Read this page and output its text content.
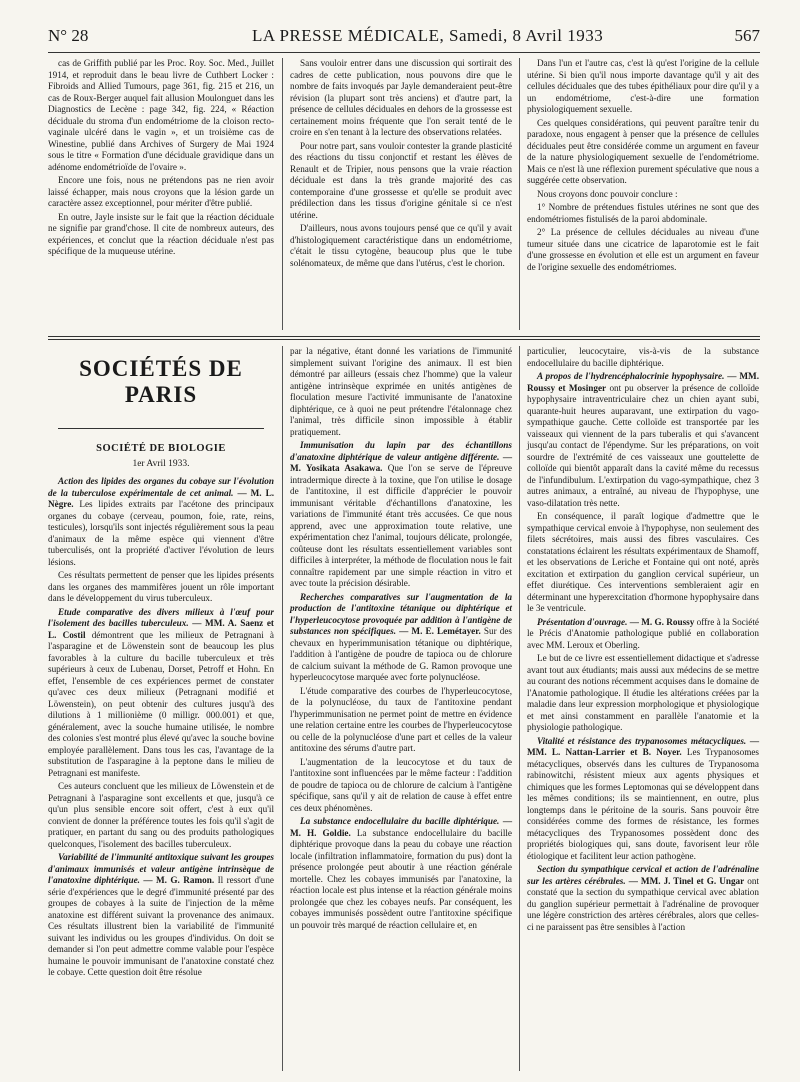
N° 28	LA PRESSE MÉDICALE, Samedi, 8 Avril 1933	567

cas de Griffith publié par les Proc. Roy. Soc. Med., Juillet 1914, et reproduit dans le beau livre de Cuthbert Locker : Fibroids and Allied Tumours, page 361, fig. 215 et 216, un cas de Roux-Berger auquel fait allusion Moulonguet dans les Diagnostics de Lecène : page 342, fig. 224, « Réaction déciduale du stroma d'un endométriome de la cloison recto-vaginale ulcéré dans le vagin », et un troisième cas de Winestine, publié dans Archives of Surgery de Mai 1924 sous le titre « Formation d'une déciduale gravidique dans un adénome endométrioïde de l'ovaire ».

Encore une fois, nous ne prétendons pas ne rien avoir laissé échapper, mais nous croyons que la lésion garde un caractère assez exceptionnel, pour mériter d'être publié.

En outre, Jayle insiste sur le fait que la réaction déciduale ne signifie par grand'chose. Il cite de nombreux auteurs, des expériences, et conclut que la réaction déciduale n'est pas spécifique de la muqueuse utérine.

Sans vouloir entrer dans une discussion qui sortirait des cadres de cette publication, nous pouvons dire que le nombre de faits invoqués par Jayle demanderaient peut-être révision (la plupart sont très anciens) et d'autre part, la présence de cellules déciduales en dehors de la grossesse est certainement moins fréquente que l'on serait tenté de le croire en s'en tenant à la lecture des observations relatées.

Pour notre part, sans vouloir contester la grande plasticité des réactions du tissu conjonctif et restant les élèves de Renault et de Tripier, nous pensons que la vraie réaction déciduale est dans la très grande majorité des cas contemporaine d'une grossesse et qu'elle se produit avec prédilection dans les tissus d'origine génitale si ce n'est utérine.

D'ailleurs, nous avons toujours pensé que ce qu'il y avait d'histologiquement caractéristique dans un endométriome, c'était le tissu cytogène, beaucoup plus que le tube solénomateux, de même que dans l'utérus, c'est le chorion.

Dans l'un et l'autre cas, c'est là qu'est l'origine de la cellule utérine. Si bien qu'il nous importe davantage qu'il y ait des cellules déciduales que des tubes épithéliaux pour dire qu'il y a un endométriome, c'est-à-dire une formation physiologiquement sexuelle.

Ces quelques considérations, qui peuvent paraître tenir du paradoxe, nous engagent à penser que la présence de cellules déciduales peut être considérée comme un argument en faveur de la nature physiologiquement sexuelle de l'endométriome. Mais ce n'est là une réflexion purement spéculative que nous a suggérée cette observation.

Nous croyons donc pouvoir conclure :

1° Nombre de prétendues fistules utérines ne sont que des endométriomes fistulisés de la paroi abdominale.

2° La présence de cellules déciduales au niveau d'une tumeur située dans une cicatrice de laparotomie est le fait d'une grossesse en évolution et elle est un argument en faveur de l'origine sexuelle des endométriomes.

SOCIÉTÉS DE PARIS
SOCIÉTÉ DE BIOLOGIE
1er Avril 1933.

Action des lipides des organes du cobaye sur l'évolution de la tuberculose expérimentale de cet animal. — M. L. Nègre. Les lipides extraits par l'acétone des principaux organes du cobaye (cerveau, poumon, foie, rate, reins, testicules), lorsqu'ils sont injectés régulièrement sous la peau d'animaux de la même espèce qui viennent d'être tuberculisés, ont la propriété d'activer l'évolution de leurs lésions.

Ces résultats permettent de penser que les lipides présents dans les organes des mammifères jouent un rôle important dans le développement du virus tuberculeux.

Etude comparative des divers milieux à l'œuf pour l'isolement des bacilles tuberculeux. — MM. A. Saenz et L. Costil démontrent que les milieux de Petragnani à l'asparagine et de Löwenstein sont de beaucoup les plus favorables à la culture du bacille tuberculeux et très supérieurs à ceux de Lubenau, Dorset, Petroff et Hohn. En effet, l'ensemble de ces expériences permet de constater qu'avec ces deux milieux (Petragnani modifié et Löwenstein), on peut obtenir des cultures jusqu'à des dilutions à 1 millionième (0 milligr. 000.001) et que, généralement, avec la souche humaine utilisée, le nombre des colonies s'est montré plus élevé qu'avec la souche bovine employée parallèlement. Dans tous les cas, l'avantage de la substitution de l'asparagine à la peptone dans le milieu de Petragnani est manifeste.

Ces auteurs concluent que les milieux de Löwenstein et de Petragnani à l'asparagine sont excellents et que, jusqu'à ce qu'un plus sensible encore soit offert, c'est à eux qu'il convient de donner la préférence toutes les fois qu'il s'agit de pratiquer, en partant du sang ou des produits pathologiques quelconques, l'isolement des bacilles tuberculeux.

Variabilité de l'immunité antitoxique suivant les groupes d'animaux immunisés et valeur antigène intrinsèque de l'anatoxine diphtérique. — M. G. Ramon. Il ressort d'une série d'expériences que le degré d'immunité présenté par des groupes de cobayes à la suite de l'injection de la même anatoxine est différent suivant la provenance des animaux. Ces résultats illustrent bien la variabilité de l'immunité suivant les individus ou les groupes d'individus. On doit se demander si l'on peut admettre comme valable pour l'espèce humaine le pouvoir immunisant de l'anatoxine constaté chez le cobaye. Cette question doit être résolue

par la négative, étant donné les variations de l'immunité simplement suivant l'origine des animaux. Il est bien démontré par ailleurs (essais chez l'homme) que la valeur antigène intrinsèque exprimée en unités antigènes de floculation mesure l'activité immunisante de l'anatoxine diphtérique, ce à quoi ne peut prétendre l'étalonnage chez l'animal, très difficile sinon impossible à établir pratiquement.

Immunisation du lapin par des échantillons d'anatoxine diphtérique de valeur antigène différente. — M. Yosikata Asakawa. Que l'on se serve de l'épreuve intradermique directe à la toxine, que l'on utilise le dosage de l'antitoxine, il est difficile d'apprécier le pouvoir immunisant véritable d'échantillons d'anatoxine, les variations de l'immunité étant très accusées. Ce que nous apprend, avec une approximation toute relative, une expérimentation chez l'animal, toujours délicate, prolongée, coûteuse dont les résultats essentiellement variables sont difficiles à interpréter, la méthode de floculation nous le fait connaître rapidement par une simple réaction in vitro et avec toute la précision désirable.

Recherches comparatives sur l'augmentation de la production de l'antitoxine tétanique ou diphtérique et l'hyperleucocytose provoquée par addition à l'antigène de substances non spécifiques. — M. E. Lemétayer. Sur des chevaux en hyperimmunisation tétanique ou diphtérique, l'addition à l'antigène de poudre de tapioca ou de chlorure de calcium suivant la méthode de G. Ramon provoque une hyperleucocytose marquée avec forte polynucléose.

L'étude comparative des courbes de l'hyperleucocytose, de la polynucléose, du taux de l'antitoxine pendant l'hyperimmunisation ne permet point de mettre en évidence une relation certaine entre les courbes de l'hyperleucocytose ou celle de la polynucléose d'une part et celles de la valeur antitoxine des sérums d'autre part.

L'augmentation de la leucocytose et du taux de l'antitoxine sont influencées par le même facteur : l'addition de poudre de tapioca ou de chlorure de calcium à l'antigène spécifique, sans qu'il y ait de relation de cause à effet entre ces deux phénomènes.

La substance endocellulaire du bacille diphtérique. — M. H. Goldie. La substance endocellulaire du bacille diphtérique provoque dans la peau du cobaye une réaction locale (infiltration inflammatoire, formation du pus) dont la présence prolongée peut aboutir à une réaction générale mortelle. Chez les cobayes immunisés par l'anatoxine, la réaction locale est plus intense et la réaction générale moins prolongée que chez les cobayes neufs. Par conséquent, les cobayes immunisés possèdent outre l'antitoxine spécifique un pouvoir très marqué de réaction cellulaire et, en

particulier, leucocytaire, vis-à-vis de la substance endocellulaire du bacille diphtérique.

A propos de l'hydrencéphalocrinie hypophysaire. — MM. Roussy et Mosinger ont pu observer la présence de colloïde hypophysaire intraventriculaire chez un chien ayant subi, quarante-huit heures auparavant, une extirpation du vago-sympathique gauche. Cette colloïde est transportée par les vaisseaux qui viennent de la pars tuberalis et qui s'avancent jusqu'au contact de l'épendyme. Sur les préparations, on voit sourdre de l'extrémité de ces vaisseaux une gouttelette de colloïde qui bientôt apparaît dans la cavité même du recessus de l'infundibulum. L'extirpation du vago-sympathique, chez 3 autres animaux, a entraîné, au niveau de l'hypophyse, une vaso-dilatation très nette.

En conséquence, il paraît logique d'admettre que le sympathique cervical envoie à l'hypophyse, non seulement des filets sécrétoires, mais aussi des fibres vasculaires. Ces constatations éclairent les résultats expérimentaux de Shamoff, et les observations de Leriche et Fontaine qui ont noté, après excitation et extirpation du ganglion cervical supérieur, un effet diurétique. Ces interventions sembleraient agir en déterminant une hyperexcitation d'hormone hypophysaire dans le 3e ventricule.

Présentation d'ouvrage. — M. G. Roussy offre à la Société le Précis d'Anatomie pathologique publié en collaboration avec MM. Leroux et Oberling.

Le but de ce livre est essentiellement didactique et s'adresse avant tout aux étudiants; mais aussi aux médecins de se mettre au courant des notions récemment acquises dans le domaine de l'Anatomie pathologique. Il étudie les altérations créées par la maladie dans leur expression morphologique et physiologique et met ainsi constamment en parallèle l'anatomie et la physiologie pathologique.

Vitalité et résistance des trypanosomes métacycliques. — MM. L. Nattan-Larrier et B. Noyer. Les Trypanosomes métacycliques, observés dans les cultures de Trypanosoma rabinowitchi, résistent mieux aux agents physiques et chimiques que les formes Leptomonas qui se développent dans les mêmes conditions; ils se maintiennent, en outre, plus longtemps dans le péritoine de la souris. Sans pouvoir être considérées comme des formes de résistance, les formes métacycliques des Trypanosomes possèdent donc des propriétés biologiques qui, sans doute, favorisent leur rôle étiologique et facilitent leur action pathogène.

Section du sympathique cervical et action de l'adrénaline sur les artères cérébrales. — MM. J. Tinel et G. Ungar ont constaté que la section du sympathique cervical avec ablation du ganglion supérieur permettait à l'adrénaline de provoquer une légère constriction des artères cérébrales, alors que celles-ci ne paraissent pas être sensibles à l'action
